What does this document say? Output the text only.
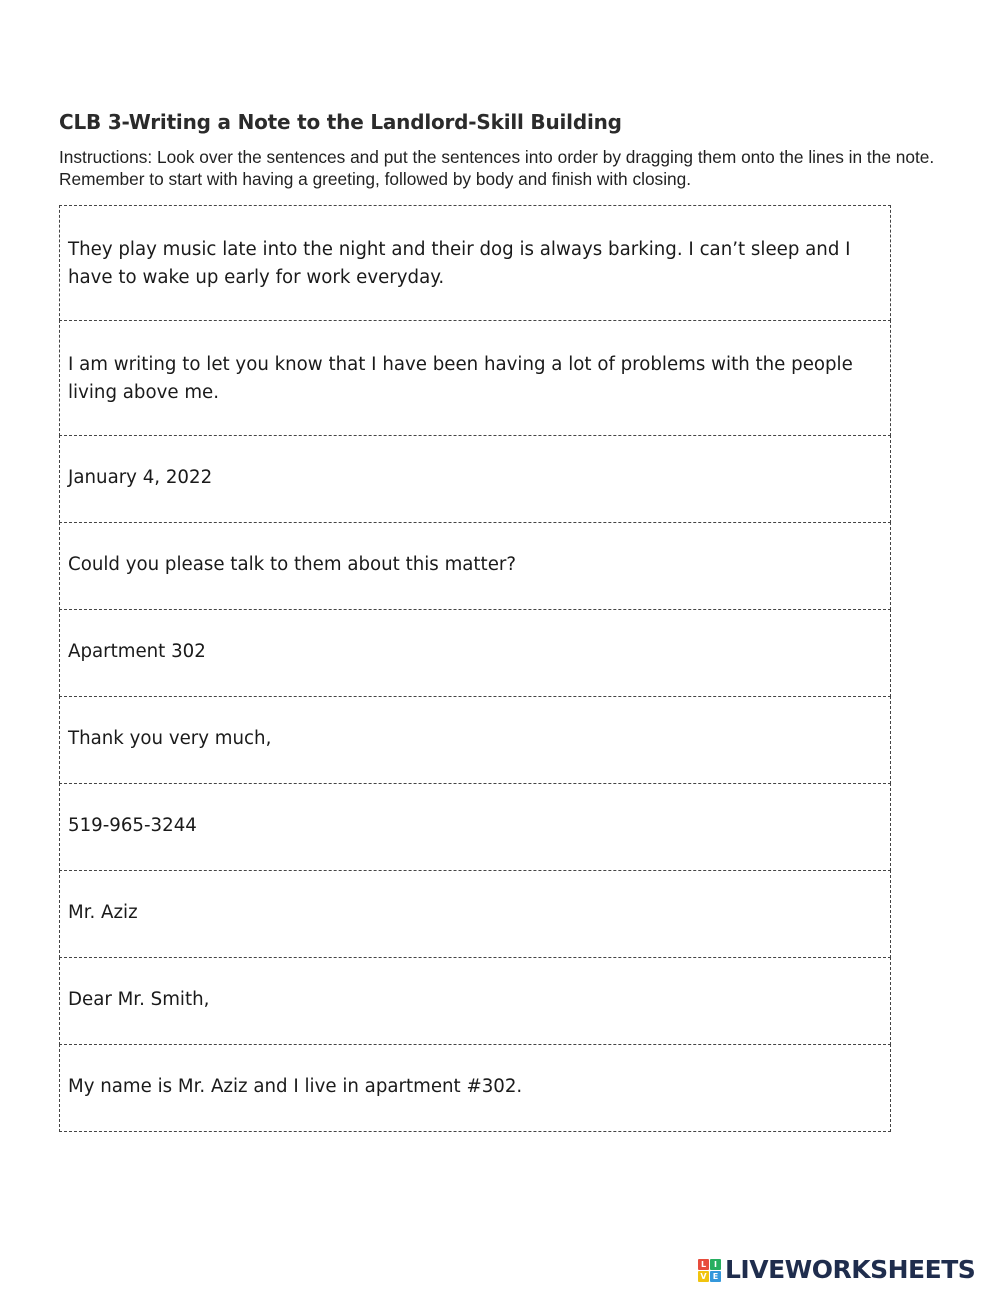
CLB 3-Writing a Note to the Landlord-Skill Building
Instructions: Look over the sentences and put the sentences into order by dragging them onto the lines in the note. Remember to start with having a greeting, followed by body and finish with closing.
They play music late into the night and their dog is always barking. I can’t sleep and I have to wake up early for work everyday.
I am writing to let you know that I have been having a lot of problems with the people living above me.
January 4, 2022
Could you please talk to them about this matter?
Apartment 302
Thank you very much,
519-965-3244
Mr. Aziz
Dear Mr. Smith,
My name is Mr. Aziz and I live in apartment #302.
L I
V E LIVEWORKSHEETS
